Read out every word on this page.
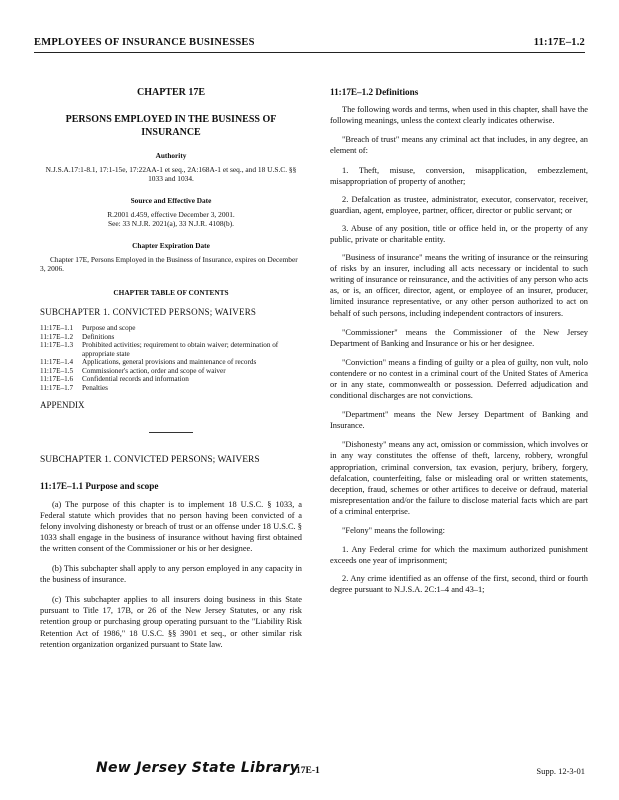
EMPLOYEES OF INSURANCE BUSINESSES	11:17E–1.2
CHAPTER 17E
PERSONS EMPLOYED IN THE BUSINESS OF INSURANCE
Authority
N.J.S.A.17:1-8.1, 17:1-15e, 17:22AA-1 et seq., 2A:168A-1 et seq., and 18 U.S.C. §§ 1033 and 1034.
Source and Effective Date
R.2001 d.459, effective December 3, 2001.
See: 33 N.J.R. 2021(a), 33 N.J.R. 4108(b).
Chapter Expiration Date
Chapter 17E, Persons Employed in the Business of Insurance, expires on December 3, 2006.
CHAPTER TABLE OF CONTENTS
SUBCHAPTER 1. CONVICTED PERSONS; WAIVERS
11:17E–1.1	Purpose and scope
11:17E–1.2	Definitions
11:17E–1.3	Prohibited activities; requirement to obtain waiver; determination of appropriate state
11:17E–1.4	Applications, general provisions and maintenance of records
11:17E–1.5	Commissioner's action, order and scope of waiver
11:17E–1.6	Confidential records and information
11:17E–1.7	Penalties
APPENDIX
SUBCHAPTER 1. CONVICTED PERSONS; WAIVERS
11:17E–1.1 Purpose and scope

(a) The purpose of this chapter is to implement 18 U.S.C. § 1033, a Federal statute which provides that no person having been convicted of a felony involving dishonesty or breach of trust or an offense under 18 U.S.C. § 1033 shall engage in the business of insurance without having first obtained the written consent of the Commissioner or his or her designee.

(b) This subchapter shall apply to any person employed in any capacity in the business of insurance.

(c) This subchapter applies to all insurers doing business in this State pursuant to Title 17, 17B, or 26 of the New Jersey Statutes, or any risk retention group or purchasing group operating pursuant to the "Liability Risk Retention Act of 1986," 18 U.S.C. §§ 3901 et seq., or other similar risk retention organization organized pursuant to State law.

11:17E–1.2 Definitions

The following words and terms, when used in this chapter, shall have the following meanings, unless the context clearly indicates otherwise.

"Breach of trust" means any criminal act that includes, in any degree, an element of:

1. Theft, misuse, conversion, misapplication, embezzlement, misappropriation of property of another;
2. Defalcation as trustee, administrator, executor, conservator, receiver, guardian, agent, employee, partner, officer, director or public servant; or
3. Abuse of any position, title or office held in, or the property of any public, private or charitable entity.

"Business of insurance" means the writing of insurance or the reinsuring of risks by an insurer, including all acts necessary or incidental to such writing of insurance or reinsurance, and the activities of any person who acts as, or is, an officer, director, agent, or employee of an insurer, producer, limited insurance representative, or any other person authorized to act on behalf of such persons, including independent contractors of insurers.

"Commissioner" means the Commissioner of the New Jersey Department of Banking and Insurance or his or her designee.

"Conviction" means a finding of guilty or a plea of guilty, non vult, nolo contendere or no contest in a criminal court of the United States of America or in any state, commonwealth or possession. Deferred adjudication and conditional discharges are not convictions.

"Department" means the New Jersey Department of Banking and Insurance.

"Dishonesty" means any act, omission or commission, which involves or in any way constitutes the offense of theft, larceny, robbery, wrongful appropriation, criminal conversion, tax evasion, perjury, bribery, forgery, defalcation, counterfeiting, false or misleading oral or written statements, deception, fraud, schemes or other artifices to deceive or defraud, material misrepresentation and/or the failure to disclose material facts which are part of a criminal enterprise.

"Felony" means the following:

1. Any Federal crime for which the maximum authorized punishment exceeds one year of imprisonment;
2. Any crime identified as an offense of the first, second, third or fourth degree pursuant to N.J.S.A. 2C:1–4 and 43–1;
New Jersey State Library
17E-1	Supp. 12-3-01
